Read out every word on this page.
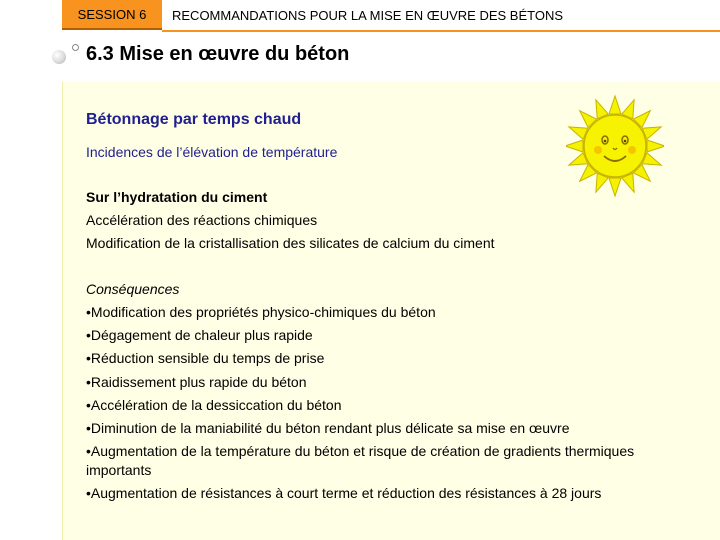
SESSION 6	RECOMMANDATIONS POUR LA MISE EN ŒUVRE DES BÉTONS
6.3 Mise en œuvre du béton
Bétonnage par temps chaud
Incidences de l’élévation de température
Sur l’hydratation du ciment
Accélération des réactions chimiques
Modification de la cristallisation des silicates de calcium du ciment
Conséquences
•Modification des propriétés physico-chimiques du béton
•Dégagement de chaleur plus rapide
•Réduction sensible du temps de prise
•Raidissement plus rapide du béton
•Accélération de la dessiccation du béton
•Diminution de la maniabilité du béton rendant plus délicate sa mise en œuvre
•Augmentation de la température du béton et risque de création de gradients thermiques
importants
•Augmentation de résistances à court terme et réduction des résistances à 28 jours
